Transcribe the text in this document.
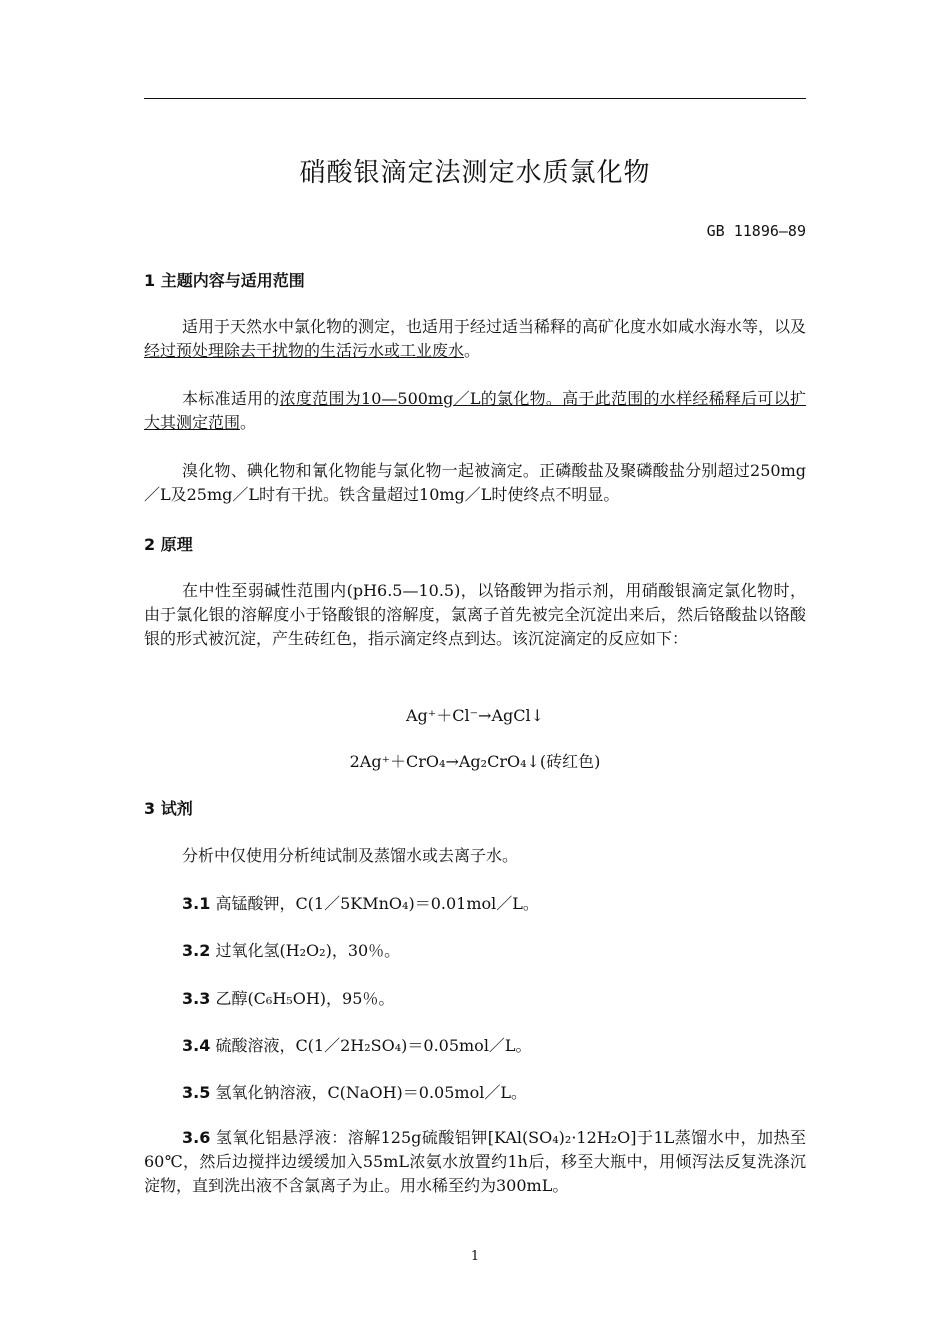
硝酸银滴定法测定水质氯化物
GB 11896—89
1 主题内容与适用范围
适用于天然水中氯化物的测定，也适用于经过适当稀释的高矿化度水如咸水海水等，以及经过预处理除去干扰物的生活污水或工业废水。
本标准适用的浓度范围为10—500mg／L的氯化物。高于此范围的水样经稀释后可以扩大其测定范围。
溴化物、碘化物和氰化物能与氯化物一起被滴定。正磷酸盐及聚磷酸盐分别超过250mg／L及25mg／L时有干扰。铁含量超过10mg／L时使终点不明显。
2 原理
在中性至弱碱性范围内(pH6.5—10.5)，以铬酸钾为指示剂，用硝酸银滴定氯化物时，由于氯化银的溶解度小于铬酸银的溶解度，氯离子首先被完全沉淀出来后，然后铬酸盐以铬酸银的形式被沉淀，产生砖红色，指示滴定终点到达。该沉淀滴定的反应如下：
Ag⁺＋Cl⁻→AgCl↓
2Ag⁺＋CrO₄→Ag₂CrO₄↓(砖红色)
3 试剂
分析中仅使用分析纯试制及蒸馏水或去离子水。
3.1 高锰酸钾，C(1／5KMnO₄)＝0.01mol／L。
3.2 过氧化氢(H₂O₂)，30％。
3.3 乙醇(C₆H₅OH)，95％。
3.4 硫酸溶液，C(1／2H₂SO₄)＝0.05mol／L。
3.5 氢氧化钠溶液，C(NaOH)＝0.05mol／L。
3.6 氢氧化铝悬浮液：溶解125g硫酸铝钾[KAl(SO₄)₂·12H₂O]于1L蒸馏水中，加热至60℃，然后边搅拌边缓缓加入55mL浓氨水放置约1h后，移至大瓶中，用倾泻法反复洗涤沉淀物，直到洗出液不含氯离子为止。用水稀至约为300mL。
1
